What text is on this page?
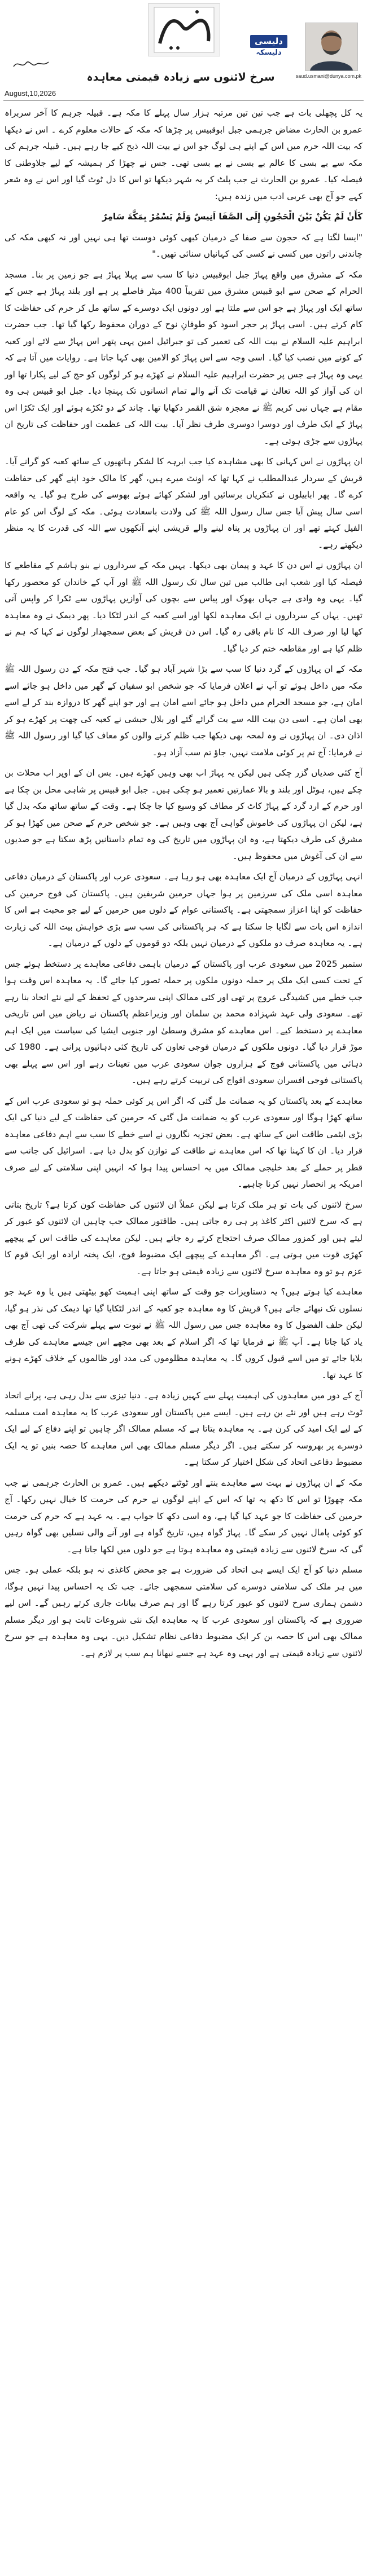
دلیسی
دلیسکہ
سرخ لائنوں سے زیادہ قیمتی معاہدہ	saud.usmani@dunya.com.pk
August,10,2026

یہ کل پچھلی بات ہے جب تین تین مرتبہ ہزار سال پہلے کا مکہ ہے۔ قبیلہ جرہم کا آخر سربراہ عمرو بن الحارث مضاض جرہمی جبل ابوقبیس پر چڑھا کہ مکہ کے حالات معلوم کرے ۔ اس نے دیکھا کہ بیت اللہ حرم میں اس کے اپنے ہی لوگ جو اس نے بیت اللہ ذبح کیے جا رہے ہیں۔ قبیلہ جرہم کی مکہ سے بے بسی کا عالم بے بسی نے بے بسی تھی۔ جس نے چھڑا کر ہمیشہ کے لیے جلاوطنی کا فیصلہ کیا۔ عمرو بن الحارث نے جب پلٹ کر یہ شہر دیکھا تو اس کا دل ٹوٹ گیا اور اس نے وہ شعر کہے جو آج بھی عربی ادب میں زندہ ہیں:

کَأَنْ لَمْ يَكُنْ بَيْنَ الْحَجُونِ إِلَى الصَّفَا اَنِيسٌ وَلَمْ يَسْمُرْ بِمَكَّةَ سَامِرٌ

"ایسا لگتا ہے کہ حجون سے صفا کے درمیان کبھی کوئی دوست تھا ہی نہیں اور نہ کبھی مکہ کی چاندنی راتوں میں کسی نے کسی کی کہانیاں سنائی تھیں۔"

مکہ کے مشرق میں واقع پہاڑ جبل ابوقبیس دنیا کا سب سے پہلا پہاڑ ہے جو زمین پر بنا۔ مسجد الحرام کے صحن سے ابو قبیس مشرق میں تقریباً 400 میٹر فاصلے پر ہے اور بلند پہاڑ ہے جس کے ساتھ ایک اور پہاڑ ہے جو اس سے ملتا ہے اور دونوں ایک دوسرے کے ساتھ مل کر حرم کی حفاظت کا کام کرتے ہیں۔ اسی پہاڑ پر حجر اسود کو طوفانِ نوح کے دوران محفوظ رکھا گیا تھا۔ جب حضرت ابراہیم علیہ السلام نے بیت اللہ کی تعمیر کی تو جبرائیل امین یہی پتھر اس پہاڑ سے لائے اور کعبہ کے کونے میں نصب کیا گیا۔ اسی وجہ سے اس پہاڑ کو الامین بھی کہا جاتا ہے۔ روایات میں آتا ہے کہ یہی وہ پہاڑ ہے جس پر حضرت ابراہیم علیہ السلام نے کھڑے ہو کر لوگوں کو حج کے لیے پکارا تھا اور ان کی آواز کو اللہ تعالیٰ نے قیامت تک آنے والے تمام انسانوں تک پہنچا دیا۔ جبل ابو قبیس ہی وہ مقام ہے جہاں نبی کریم ﷺ نے معجزہ شق القمر دکھایا تھا۔ چاند کے دو ٹکڑے ہوئے اور ایک ٹکڑا اس پہاڑ کے ایک طرف اور دوسرا دوسری طرف نظر آیا۔ بیت اللہ کی عظمت اور حفاظت کی تاریخ ان پہاڑوں سے جڑی ہوئی ہے۔

ان پہاڑوں نے اس کہانی کا بھی مشاہدہ کیا جب ابرہہ کا لشکر ہاتھیوں کے ساتھ کعبہ کو گرانے آیا۔ قریش کے سردار عبدالمطلب نے کہا تھا کہ اونٹ میرے ہیں، گھر کا مالک خود اپنے گھر کی حفاظت کرے گا۔ پھر ابابیلوں نے کنکریاں برسائیں اور لشکر کھائے ہوئے بھوسے کی طرح ہو گیا۔ یہ واقعہ اسی سال پیش آیا جس سال رسول اللہ ﷺ کی ولادت باسعادت ہوئی۔ مکہ کے لوگ اس کو عام الفیل کہتے تھے اور ان پہاڑوں پر پناہ لینے والے قریشی اپنے آنکھوں سے اللہ کی قدرت کا یہ منظر دیکھتے رہے۔

ان پہاڑوں نے اس دن کا عہد و پیمان بھی دیکھا۔ یہیں مکہ کے سرداروں نے بنو ہاشم کے مقاطعے کا فیصلہ کیا اور شعب ابی طالب میں تین سال تک رسول اللہ ﷺ اور آپ کے خاندان کو محصور رکھا گیا۔ یہی وہ وادی ہے جہاں بھوک اور پیاس سے بچوں کی آوازیں پہاڑوں سے ٹکرا کر واپس آتی تھیں۔ یہاں کے سرداروں نے ایک معاہدہ لکھا اور اسے کعبہ کے اندر لٹکا دیا۔ پھر دیمک نے وہ معاہدہ کھا لیا اور صرف اللہ کا نام باقی رہ گیا۔ اس دن قریش کے بعض سمجھدار لوگوں نے کہا کہ ہم نے ظلم کیا ہے اور مقاطعہ ختم کر دیا گیا۔

مکہ کے ان پہاڑوں کے گرد دنیا کا سب سے بڑا شہر آباد ہو گیا۔ جب فتح مکہ کے دن رسول اللہ ﷺ مکہ میں داخل ہوئے تو آپ نے اعلان فرمایا کہ جو شخص ابو سفیان کے گھر میں داخل ہو جائے اسے امان ہے، جو مسجد الحرام میں داخل ہو جائے اسے امان ہے اور جو اپنے گھر کا دروازہ بند کر لے اسے بھی امان ہے۔ اسی دن بیت اللہ سے بت گرائے گئے اور بلال حبشی نے کعبہ کی چھت پر کھڑے ہو کر اذان دی۔ ان پہاڑوں نے وہ لمحہ بھی دیکھا جب ظلم کرنے والوں کو معاف کیا گیا اور رسول اللہ ﷺ نے فرمایا: آج تم پر کوئی ملامت نہیں، جاؤ تم سب آزاد ہو۔

آج کئی صدیاں گزر چکی ہیں لیکن یہ پہاڑ اب بھی وہیں کھڑے ہیں۔ بس ان کے اوپر اب محلات بن چکے ہیں، ہوٹل اور بلند و بالا عمارتیں تعمیر ہو چکی ہیں۔ جبل ابو قبیس پر شاہی محل بن چکا ہے اور حرم کے ارد گرد کے پہاڑ کاٹ کر مطاف کو وسیع کیا جا چکا ہے۔ وقت کے ساتھ ساتھ مکہ بدل گیا ہے، لیکن ان پہاڑوں کی خاموش گواہی آج بھی وہیں ہے۔ جو شخص حرم کے صحن میں کھڑا ہو کر مشرق کی طرف دیکھتا ہے، وہ ان پہاڑوں میں تاریخ کی وہ تمام داستانیں پڑھ سکتا ہے جو صدیوں سے ان کی آغوش میں محفوظ ہیں۔

انہی پہاڑوں کے درمیان آج ایک معاہدہ بھی ہو رہا ہے۔ سعودی عرب اور پاکستان کے درمیان دفاعی معاہدہ اسی ملک کی سرزمین پر ہوا جہاں حرمین شریفین ہیں۔ پاکستان کی فوج حرمین کی حفاظت کو اپنا اعزاز سمجھتی ہے۔ پاکستانی عوام کے دلوں میں حرمین کے لیے جو محبت ہے اس کا اندازہ اس بات سے لگایا جا سکتا ہے کہ ہر پاکستانی کی سب سے بڑی خواہش بیت اللہ کی زیارت ہے۔ یہ معاہدہ صرف دو ملکوں کے درمیان نہیں بلکہ دو قوموں کے دلوں کے درمیان ہے۔

ستمبر 2025 میں سعودی عرب اور پاکستان کے درمیان باہمی دفاعی معاہدے پر دستخط ہوئے جس کے تحت کسی ایک ملک پر حملہ دونوں ملکوں پر حملہ تصور کیا جائے گا۔ یہ معاہدہ اس وقت ہوا جب خطے میں کشیدگی عروج پر تھی اور کئی ممالک اپنی سرحدوں کے تحفظ کے لیے نئے اتحاد بنا رہے تھے۔ سعودی ولی عہد شہزادہ محمد بن سلمان اور وزیراعظم پاکستان نے ریاض میں اس تاریخی معاہدے پر دستخط کیے۔ اس معاہدے کو مشرق وسطیٰ اور جنوبی ایشیا کی سیاست میں ایک اہم موڑ قرار دیا گیا۔ دونوں ملکوں کے درمیان فوجی تعاون کی تاریخ کئی دہائیوں پرانی ہے۔ 1980 کی دہائی میں پاکستانی فوج کے ہزاروں جوان سعودی عرب میں تعینات رہے اور اس سے پہلے بھی پاکستانی فوجی افسران سعودی افواج کی تربیت کرتے رہے ہیں۔

معاہدے کے بعد پاکستان کو یہ ضمانت مل گئی کہ اگر اس پر کوئی حملہ ہو تو سعودی عرب اس کے ساتھ کھڑا ہوگا اور سعودی عرب کو یہ ضمانت مل گئی کہ حرمین کی حفاظت کے لیے دنیا کی ایک بڑی ایٹمی طاقت اس کے ساتھ ہے۔ بعض تجزیہ نگاروں نے اسے خطے کا سب سے اہم دفاعی معاہدہ قرار دیا۔ ان کا کہنا تھا کہ اس معاہدے نے طاقت کے توازن کو بدل دیا ہے۔ اسرائیل کی جانب سے قطر پر حملے کے بعد خلیجی ممالک میں یہ احساس پیدا ہوا کہ انہیں اپنی سلامتی کے لیے صرف امریکہ پر انحصار نہیں کرنا چاہیے۔

سرخ لائنوں کی بات تو ہر ملک کرتا ہے لیکن عملاً ان لائنوں کی حفاظت کون کرتا ہے؟ تاریخ بتاتی ہے کہ سرخ لائنیں اکثر کاغذ پر ہی رہ جاتی ہیں۔ طاقتور ممالک جب چاہیں ان لائنوں کو عبور کر لیتے ہیں اور کمزور ممالک صرف احتجاج کرتے رہ جاتے ہیں۔ لیکن معاہدے کی طاقت اس کے پیچھے کھڑی قوت میں ہوتی ہے۔ اگر معاہدے کے پیچھے ایک مضبوط فوج، ایک پختہ ارادہ اور ایک قوم کا عزم ہو تو وہ معاہدہ سرخ لائنوں سے زیادہ قیمتی ہو جاتا ہے۔

معاہدے کیا ہوتے ہیں؟ یہ دستاویزات جو وقت کے ساتھ اپنی اہمیت کھو بیٹھتی ہیں یا وہ عہد جو نسلوں تک نبھائے جاتے ہیں؟ قریش کا وہ معاہدہ جو کعبہ کے اندر لٹکایا گیا تھا دیمک کی نذر ہو گیا، لیکن حلف الفضول کا وہ معاہدہ جس میں رسول اللہ ﷺ نے نبوت سے پہلے شرکت کی تھی آج بھی یاد کیا جاتا ہے۔ آپ ﷺ نے فرمایا تھا کہ اگر اسلام کے بعد بھی مجھے اس جیسے معاہدے کی طرف بلایا جائے تو میں اسے قبول کروں گا۔ یہ معاہدہ مظلوموں کی مدد اور ظالموں کے خلاف کھڑے ہونے کا عہد تھا۔

آج کے دور میں معاہدوں کی اہمیت پہلے سے کہیں زیادہ ہے۔ دنیا تیزی سے بدل رہی ہے، پرانے اتحاد ٹوٹ رہے ہیں اور نئے بن رہے ہیں۔ ایسے میں پاکستان اور سعودی عرب کا یہ معاہدہ امت مسلمہ کے لیے ایک امید کی کرن ہے۔ یہ معاہدہ بتاتا ہے کہ مسلم ممالک اگر چاہیں تو اپنے دفاع کے لیے ایک دوسرے پر بھروسہ کر سکتے ہیں۔ اگر دیگر مسلم ممالک بھی اس معاہدے کا حصہ بنیں تو یہ ایک مضبوط دفاعی اتحاد کی شکل اختیار کر سکتا ہے۔

مکہ کے ان پہاڑوں نے بہت سے معاہدے بنتے اور ٹوٹتے دیکھے ہیں۔ عمرو بن الحارث جرہمی نے جب مکہ چھوڑا تو اس کا دکھ یہ تھا کہ اس کے اپنے لوگوں نے حرم کی حرمت کا خیال نہیں رکھا۔ آج حرمین کی حفاظت کا جو عہد کیا گیا ہے، وہ اسی دکھ کا جواب ہے۔ یہ عہد ہے کہ حرم کی حرمت کو کوئی پامال نہیں کر سکے گا۔ پہاڑ گواہ ہیں، تاریخ گواہ ہے اور آنے والی نسلیں بھی گواہ رہیں گی کہ سرخ لائنوں سے زیادہ قیمتی وہ معاہدہ ہوتا ہے جو دلوں میں لکھا جاتا ہے۔

مسلم دنیا کو آج ایک ایسے ہی اتحاد کی ضرورت ہے جو محض کاغذی نہ ہو بلکہ عملی ہو۔ جس میں ہر ملک کی سلامتی دوسرے کی سلامتی سمجھی جائے۔ جب تک یہ احساس پیدا نہیں ہوگا، دشمن ہماری سرخ لائنوں کو عبور کرتا رہے گا اور ہم صرف بیانات جاری کرتے رہیں گے۔ اس لیے ضروری ہے کہ پاکستان اور سعودی عرب کا یہ معاہدہ ایک نئی شروعات ثابت ہو اور دیگر مسلم ممالک بھی اس کا حصہ بن کر ایک مضبوط دفاعی نظام تشکیل دیں۔ یہی وہ معاہدہ ہے جو سرخ لائنوں سے زیادہ قیمتی ہے اور یہی وہ عہد ہے جسے نبھانا ہم سب پر لازم ہے۔
